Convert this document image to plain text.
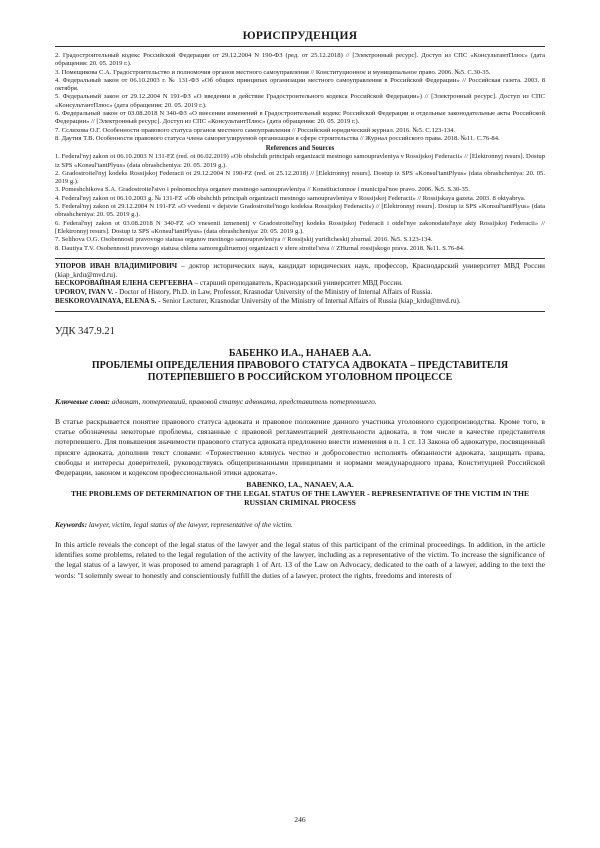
ЮРИСПРУДЕНЦИЯ

2. Градостроительный кодекс Российской Федерации от 29.12.2004 N 190-ФЗ (ред. от 25.12.2018) // [Электронный ресурс]. Доступ из СПС «КонсультантПлюс» (дата обращения: 20. 05. 2019 г.).

3. Помещикова С.А. Градостроительство и полномочия органов местного самоуправления // Конституционное и муниципальное право. 2006. №5. С.30-35.

4. Федеральный закон от 06.10.2003 г. № 131-ФЗ «Об общих принципах организации местного самоуправления в Российской Федерации» // Российская газета. 2003. 8 октября.

5. Федеральный закон от 29.12.2004 N 191-ФЗ «О введении в действие Градостроительного кодекса Российской Федерации») // [Электронный ресурс]. Доступ из СПС «КонсультантПлюс» (дата обращения: 20. 05. 2019 г.).

6. Федеральный закон от 03.08.2018 N 340-ФЗ «О внесении изменений в Градостроительный кодекс Российской Федерации и отдельные законодательные акты Российской Федерации» // [Электронный ресурс]. Доступ из СПС «КонсультантПлюс» (дата обращения: 20. 05. 2019 г.).

7. Сслихова О.Г. Особенности правового статуса органов местного самоуправления // Российский юридический журнал. 2016. №5. С.123-134.

8. Даутия Т.В. Особенности правового статуса члена саморегулируемой организации в сфере строительства // Журнал российского права. 2018. №11. С.76-84.

References and Sources

1. Federal'nyj zakon ot 06.10.2003 N 131-FZ (red. ot 06.02.2019) «Ob obshchih principah organizacii mestnogo samoupravleniya v Rossijskoj Federacii» // [Elektronnyj resurs]. Dostup iz SPS «Konsul'tantPlyus» (data obrashcheniya: 20. 05. 2019 g.).

2. Gradostroitel'nyj kodeks Rossijskoj Federacii ot 29.12.2004 N 190-FZ (red. ot 25.12.2018) // [Elektronnyj resurs]. Dostup iz SPS «Konsul'tantPlyus» (data obrashcheniya: 20. 05. 2019 g.).

3. Pomeshchikova S.A. Gradostroitel'stvo i polnomochiya organov mestnogo samoupravleniya // Konstitucionnoe i municipal'noe pravo. 2006. №5. S.30-35.

4. Federal'nyj zakon ot 06.10.2003 g. № 131-FZ «Ob obshchih principah organizacii mestnogo samoupravleniya v Rossijskoj Federacii» // Rossijskaya gazeta. 2003. 8 oktyabrya.

5. Federal'nyj zakon ot 29.12.2004 N 191-FZ «O vvedenii v dejstvie Gradostroitel'nogo kodeksa Rossijskoj Federacii») // [Elektronnyj resurs]. Dostup iz SPS «Konsul'tantPlyus» (data obrashcheniya: 20. 05. 2019 g.).

6. Federal'nyj zakon ot 03.08.2018 N 340-FZ «O vnesenii izmenenij v Gradostroitel'nyj kodeks Rossijskoj Federacii i otdel'nye zakonodatel'nye akty Rossijskoj Federacii» // [Elektronnyj resurs]. Dostup iz SPS «Konsul'tantPlyus» (data obrashcheniya: 20. 05. 2019 g.).

7. Selihova O.G. Osobennosti pravovogo statusa organov mestnogo samoupravleniya // Rossijskij yuridicheskij zhurnal. 2016. №5. S.123-134.

8. Dautiya T.V. Osobennosti pravovogo statusa chlena samoreguliruemoj organizacii v sfere stroitel'stva // ZHurnal rossijskogo prava. 2018. №11. S.76-84.

УПОРОВ ИВАН ВЛАДИМИРОВИЧ – доктор исторических наук, кандидат юридических наук, профессор, Краснодарский университет МВД России (kiap_krdu@mvd.ru).

БЕСКОРОВАЙНАЯ ЕЛЕНА СЕРГЕЕВНА – старший преподаватель, Краснодарский университет МВД России.

UPOROV, IVAN V. - Doctor of History, Ph.D. in Law, Professor, Krasnodar University of the Ministry of Internal Affairs of Russia.

BESKOROVAINAYA, ELENA S. - Senior Lecturer, Krasnodar University of the Ministry of Internal Affairs of Russia (kiap_krdu@mvd.ru).

УДК 347.9.21
БАБЕНКО И.А., НАНАЕВ А.А.
ПРОБЛЕМЫ ОПРЕДЕЛЕНИЯ ПРАВОВОГО СТАТУСА АДВОКАТА – ПРЕДСТАВИТЕЛЯ ПОТЕРПЕВШЕГО В РОССИЙСКОМ УГОЛОВНОМ ПРОЦЕССЕ
Ключевые слова: адвокат, потерпевший, правовой статус адвоката, представитель потерпевшего.

В статье раскрывается понятие правового статуса адвоката и правовое положение данного участника уголовного судопроизводства. Кроме того, в статье обозначены некоторые проблемы, связанные с правовой регламентацией деятельности адвоката, в том числе в качестве представителя потерпевшего. Для повышения значимости правового статуса адвоката предложено внести изменения в п. 1 ст. 13 Закона об адвокатуре, посвященный присяге адвоката, дополнив текст словами: «Торжественно клянусь честно и добросовестно исполнять обязанности адвоката, защищать права, свободы и интересы доверителей, руководствуясь общепризнанными принципами и нормами международного права, Конституцией Российской Федерации, законом и кодексом профессиональной этики адвоката».

BABENKO, I.A., NANAEV, A.A.
THE PROBLEMS OF DETERMINATION OF THE LEGAL STATUS OF THE LAWYER - REPRESENTATIVE OF THE VICTIM IN THE RUSSIAN CRIMINAL PROCESS
Keywords: lawyer, victim, legal status of the lawyer, representative of the victim.

In this article reveals the concept of the legal status of the lawyer and the legal status of this participant of the criminal proceedings. In addition, in the article identifies some problems, related to the legal regulation of the activity of the lawyer, including as a representative of the victim. To increase the significance of the legal status of a lawyer, it was proposed to amend paragraph 1 of Art. 13 of the Law on Advocacy, dedicated to the oath of a lawyer, adding to the text the words: "I solemnly swear to honestly and conscientiously fulfill the duties of a lawyer, protect the rights, freedoms and interests of

246
